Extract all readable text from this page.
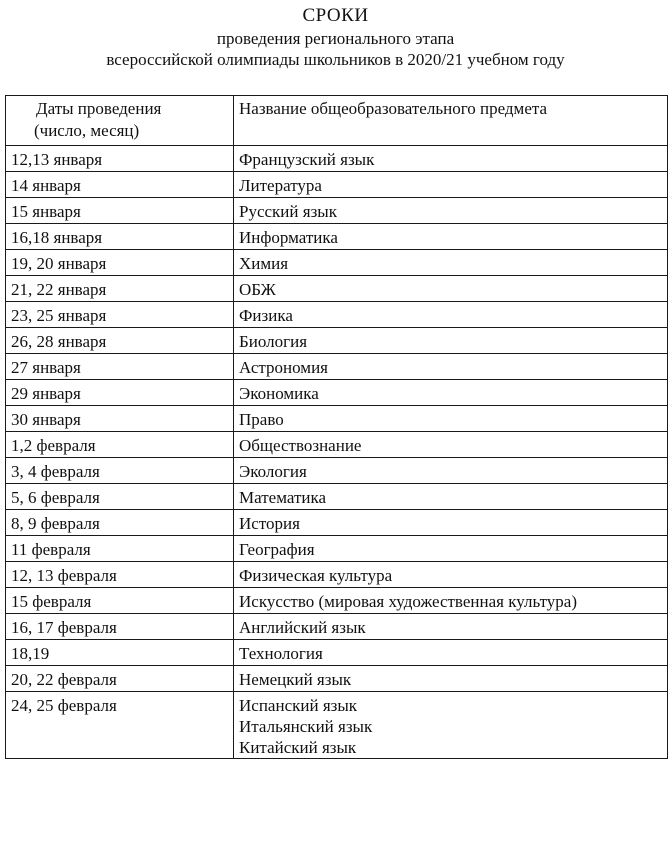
СРОКИ
проведения регионального этапа
всероссийской олимпиады школьников в 2020/21 учебном году
Даты проведения
(число, месяц)	Название общеобразовательного предмета
12,13 января	Французский язык

14 января	Литература

15 января	Русский язык

16,18 января	Информатика

19, 20 января	Химия

21, 22 января	ОБЖ

23, 25 января	Физика

26, 28 января	Биология

27 января	Астрономия

29 января	Экономика

30 января	Право

1,2 февраля	Обществознание

3, 4 февраля	Экология

5, 6 февраля	Математика

8, 9 февраля	История

11 февраля	География

12, 13 февраля	Физическая культура

15 февраля	Искусство (мировая художественная культура)

16, 17 февраля	Английский язык

18,19	Технология

20, 22 февраля	Немецкий язык

24, 25 февраля	Испанский язык
Итальянский язык
Китайский язык
